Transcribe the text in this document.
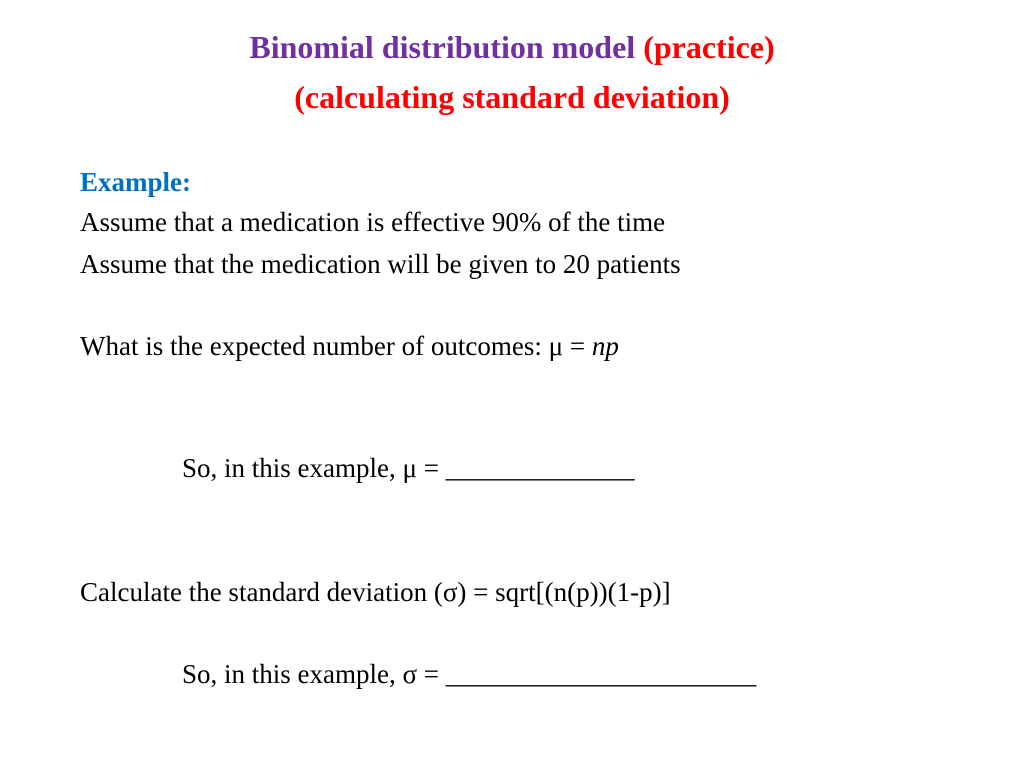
Binomial distribution model (practice)
(calculating standard deviation)
Example:
Assume that a medication is effective 90% of the time
Assume that the medication will be given to 20 patients
What is the expected number of outcomes: μ = np
So, in this example, μ = ______________
Calculate the standard deviation (σ) = sqrt[(n(p))(1-p)]
So, in this example, σ = _______________________
